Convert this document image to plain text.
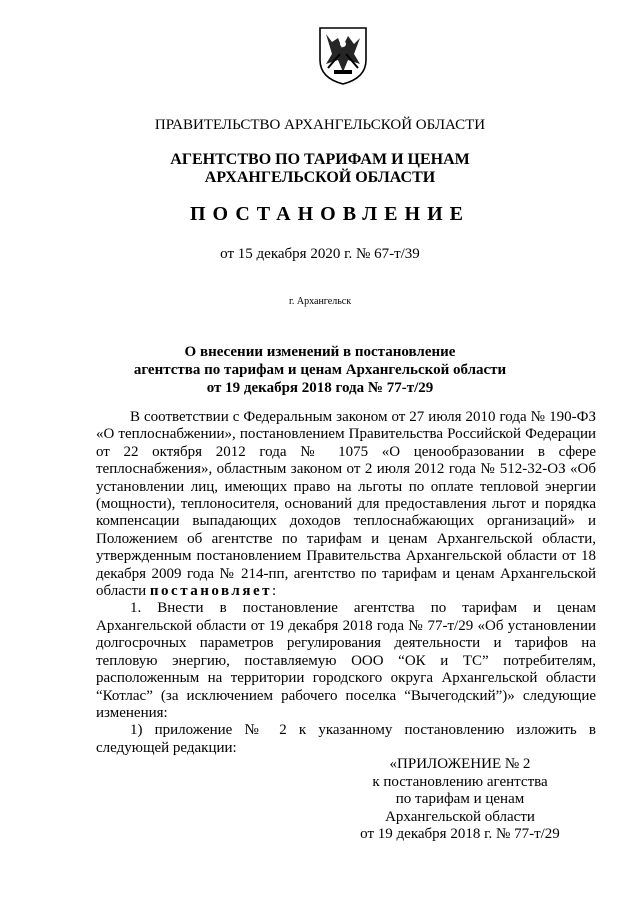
ПРАВИТЕЛЬСТВО АРХАНГЕЛЬСКОЙ ОБЛАСТИ
АГЕНТСТВО ПО ТАРИФАМ И ЦЕНАМ
АРХАНГЕЛЬСКОЙ ОБЛАСТИ
ПОСТАНОВЛЕНИЕ
от 15 декабря 2020 г. № 67-т/39
г. Архангельск
О внесении изменений в постановление
агентства по тарифам и ценам Архангельской области
от 19 декабря 2018 года № 77-т/29

В соответствии с Федеральным законом от 27 июля 2010 года № 190-ФЗ «О теплоснабжении», постановлением Правительства Российской Федерации от 22 октября 2012 года № 1075 «О ценообразовании в сфере теплоснабжения», областным законом от 2 июля 2012 года № 512-32-ОЗ «Об установлении лиц, имеющих право на льготы по оплате тепловой энергии (мощности), теплоносителя, оснований для предоставления льгот и порядка компенсации выпадающих доходов теплоснабжающих организаций» и Положением об агентстве по тарифам и ценам Архангельской области, утвержденным постановлением Правительства Архангельской области от 18 декабря 2009 года № 214-пп, агентство по тарифам и ценам Архангельской области постановляет:

1. Внести в постановление агентства по тарифам и ценам Архангельской области от 19 декабря 2018 года № 77-т/29 «Об установлении долгосрочных параметров регулирования деятельности и тарифов на тепловую энергию, поставляемую ООО “ОК и ТС” потребителям, расположенным на территории городского округа Архангельской области “Котлас” (за исключением рабочего поселка “Вычегодский”)» следующие изменения:

1) приложение № 2 к указанному постановлению изложить в следующей редакции:

«ПРИЛОЖЕНИЕ № 2
к постановлению агентства
по тарифам и ценам
Архангельской области
от 19 декабря 2018 г. № 77-т/29
